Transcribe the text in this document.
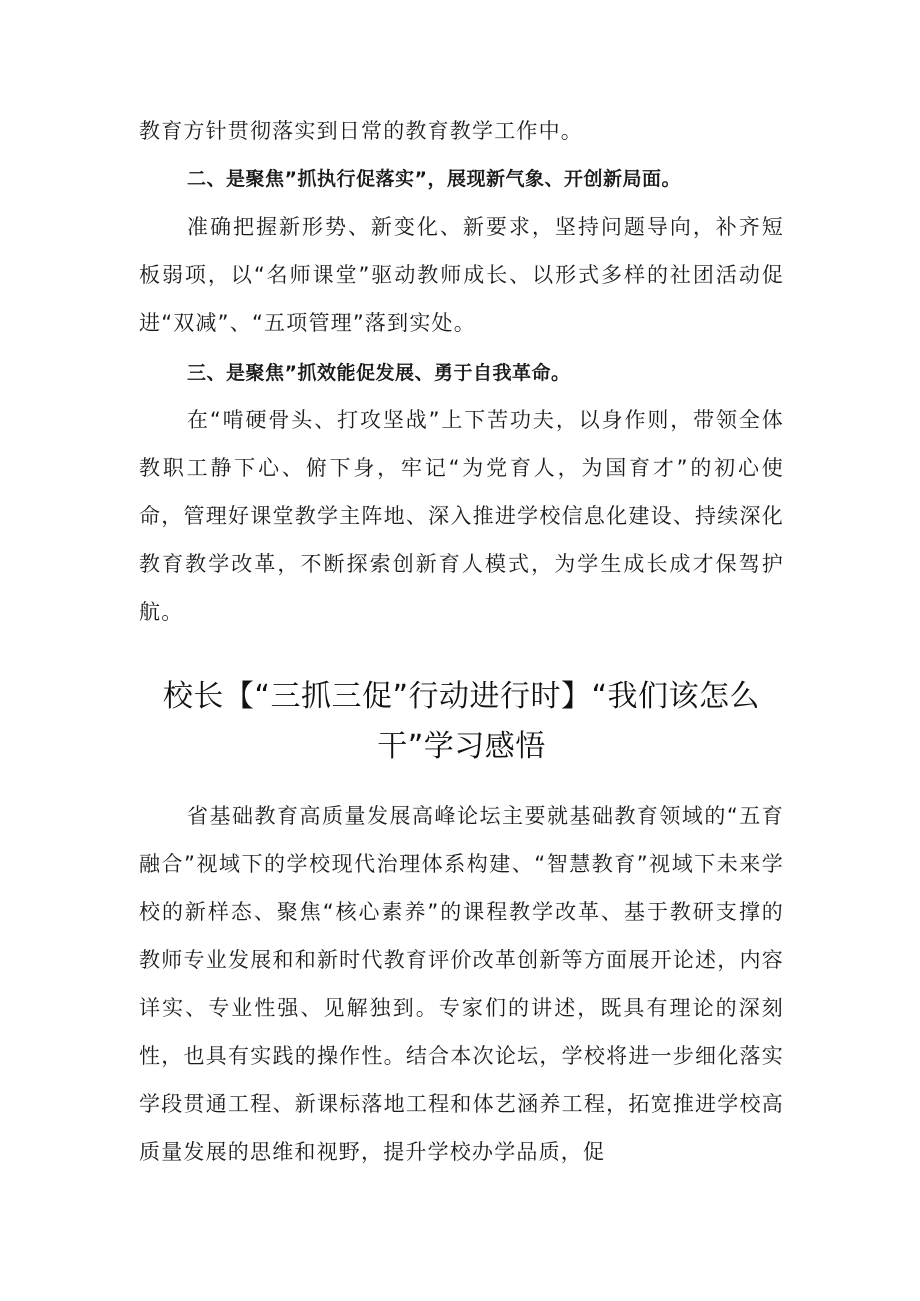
教育方针贯彻落实到日常的教育教学工作中。

二、是聚焦”抓执行促落实”，展现新气象、开创新局面。

准确把握新形势、新变化、新要求，坚持问题导向，补齐短板弱项，以“名师课堂”驱动教师成长、以形式多样的社团活动促进“双减”、“五项管理”落到实处。

三、是聚焦”抓效能促发展、勇于自我革命。

在“啃硬骨头、打攻坚战”上下苦功夫，以身作则，带领全体教职工静下心、俯下身，牢记“为党育人，为国育才”的初心使命，管理好课堂教学主阵地、深入推进学校信息化建设、持续深化教育教学改革，不断探索创新育人模式，为学生成长成才保驾护航。

校长【“三抓三促”行动进行时】“我们该怎么干”学习感悟

省基础教育高质量发展高峰论坛主要就基础教育领域的“五育融合”视域下的学校现代治理体系构建、“智慧教育”视域下未来学校的新样态、聚焦“核心素养”的课程教学改革、基于教研支撑的教师专业发展和和新时代教育评价改革创新等方面展开论述，内容详实、专业性强、见解独到。专家们的讲述，既具有理论的深刻性，也具有实践的操作性。结合本次论坛，学校将进一步细化落实学段贯通工程、新课标落地工程和体艺涵养工程，拓宽推进学校高质量发展的思维和视野，提升学校办学品质，促
